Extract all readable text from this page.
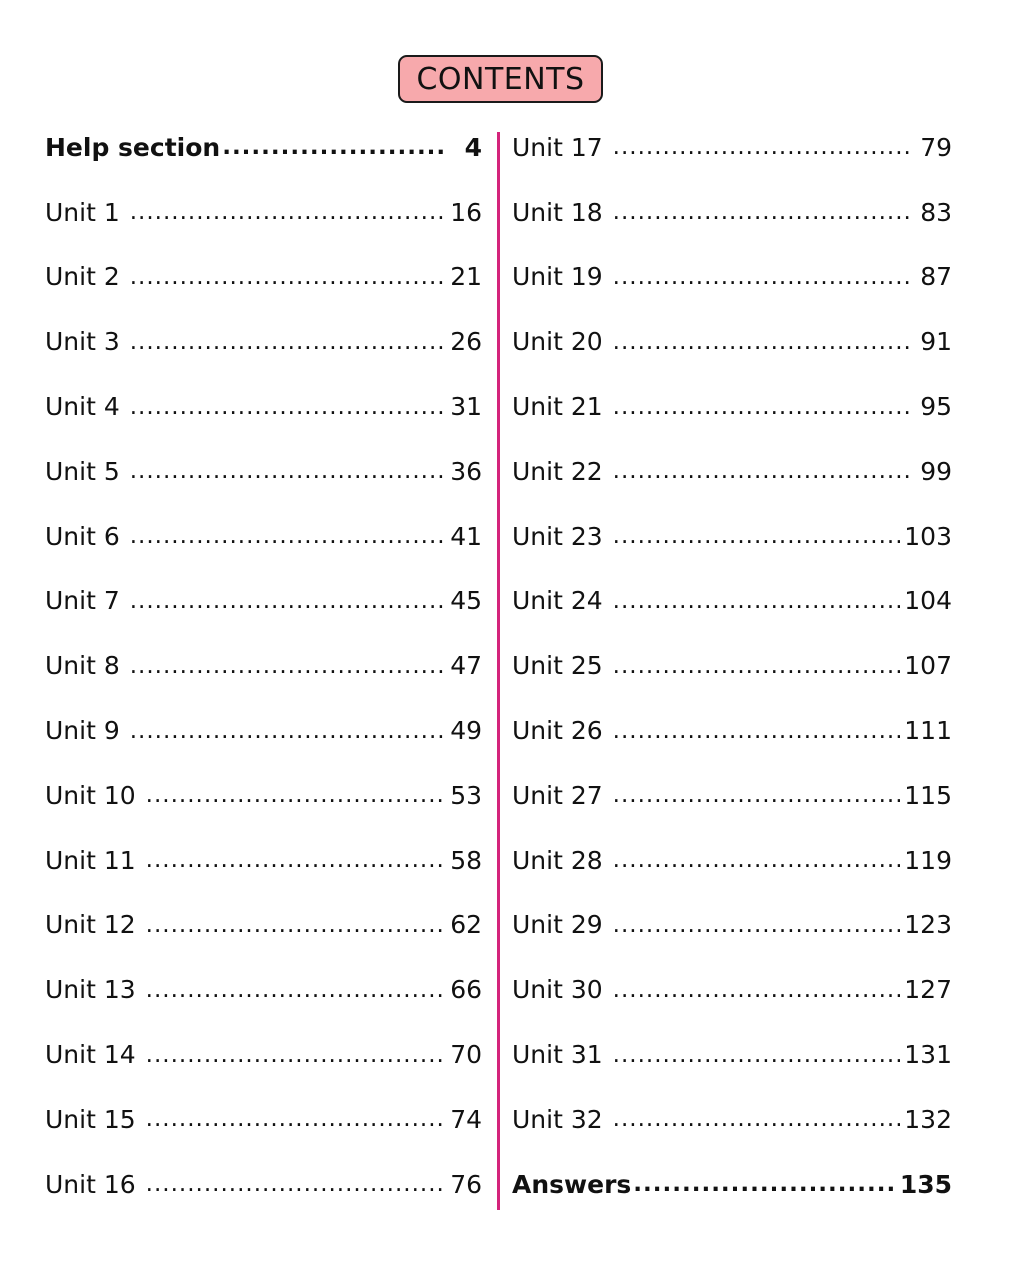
CONTENTS
Help section .....	4
Unit 1 .....	16
Unit 2 .....	21
Unit 3 .....	26
Unit 4 .....	31
Unit 5 .....	36
Unit 6 .....	41
Unit 7 .....	45
Unit 8 .....	47
Unit 9 .....	49
Unit 10 .....	53
Unit 11 .....	58
Unit 12 .....	62
Unit 13 .....	66
Unit 14 .....	70
Unit 15 .....	74
Unit 16 .....	76
Unit 17 .....	79
Unit 18 .....	83
Unit 19 .....	87
Unit 20 .....	91
Unit 21 .....	95
Unit 22 .....	99
Unit 23 .....	103
Unit 24 .....	104
Unit 25 .....	107
Unit 26 .....	111
Unit 27 .....	115
Unit 28 .....	119
Unit 29 .....	123
Unit 30 .....	127
Unit 31 .....	131
Unit 32 .....	132
Answers .....	135
